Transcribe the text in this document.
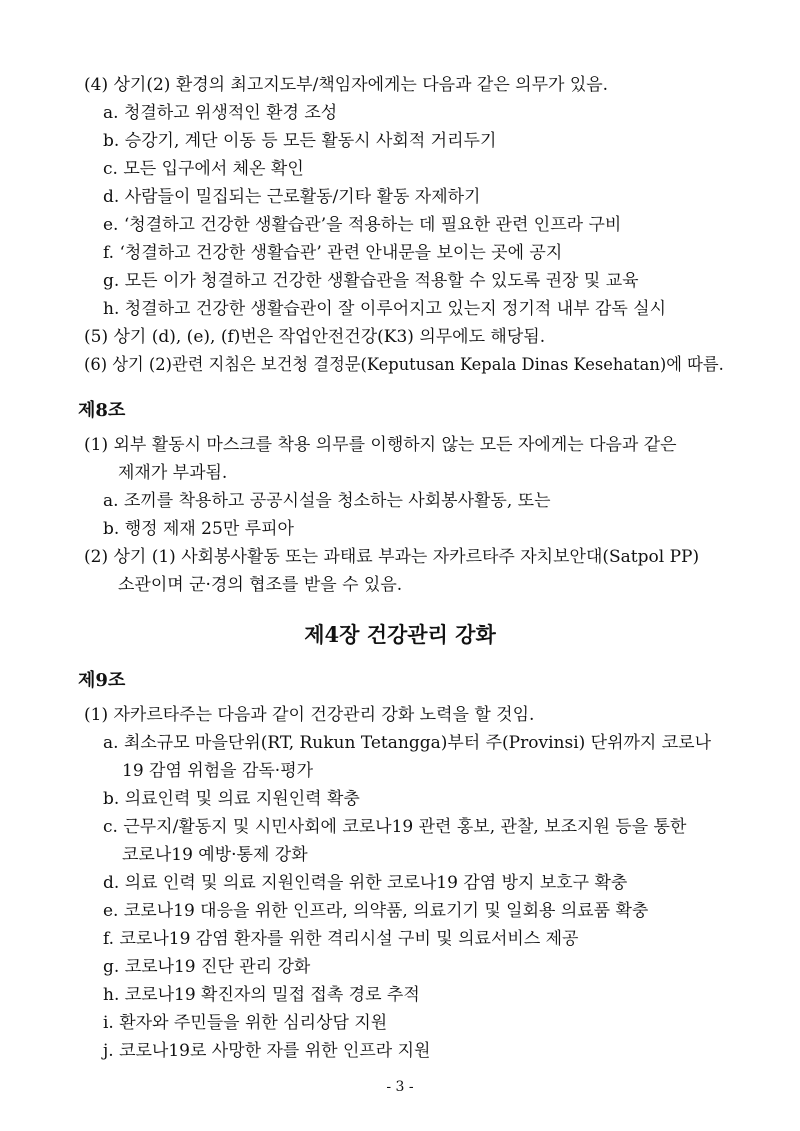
(4) 상기(2) 환경의 최고지도부/책임자에게는 다음과 같은 의무가 있음.
a. 청결하고 위생적인 환경 조성
b. 승강기, 계단 이동 등 모든 활동시 사회적 거리두기
c. 모든 입구에서 체온 확인
d. 사람들이 밀집되는 근로활동/기타 활동 자제하기
e. ‘청결하고 건강한 생활습관’을 적용하는 데 필요한 관련 인프라 구비
f. ‘청결하고 건강한 생활습관’ 관련 안내문을 보이는 곳에 공지
g. 모든 이가 청결하고 건강한 생활습관을 적용할 수 있도록 권장 및 교육
h. 청결하고 건강한 생활습관이 잘 이루어지고 있는지 정기적 내부 감독 실시
(5) 상기 (d), (e), (f)번은 작업안전건강(K3) 의무에도 해당됨.
(6) 상기 (2)관련 지침은 보건청 결정문(Keputusan Kepala Dinas Kesehatan)에 따름.
제8조
(1) 외부 활동시 마스크를 착용 의무를 이행하지 않는 모든 자에게는 다음과 같은
제재가 부과됨.
a. 조끼를 착용하고 공공시설을 청소하는 사회봉사활동, 또는
b. 행정 제재 25만 루피아
(2) 상기 (1) 사회봉사활동 또는 과태료 부과는 자카르타주 자치보안대(Satpol PP)
소관이며 군·경의 협조를 받을 수 있음.
제4장 건강관리 강화
제9조
(1) 자카르타주는 다음과 같이 건강관리 강화 노력을 할 것임.
a. 최소규모 마을단위(RT, Rukun Tetangga)부터 주(Provinsi) 단위까지 코로나
19 감염 위험을 감독·평가
b. 의료인력 및 의료 지원인력 확충
c. 근무지/활동지 및 시민사회에 코로나19 관련 홍보, 관찰, 보조지원 등을 통한
코로나19 예방·통제 강화
d. 의료 인력 및 의료 지원인력을 위한 코로나19 감염 방지 보호구 확충
e. 코로나19 대응을 위한 인프라, 의약품, 의료기기 및 일회용 의료품 확충
f. 코로나19 감염 환자를 위한 격리시설 구비 및 의료서비스 제공
g. 코로나19 진단 관리 강화
h. 코로나19 확진자의 밀접 접촉 경로 추적
i. 환자와 주민들을 위한 심리상담 지원
j. 코로나19로 사망한 자를 위한 인프라 지원
- 3 -
